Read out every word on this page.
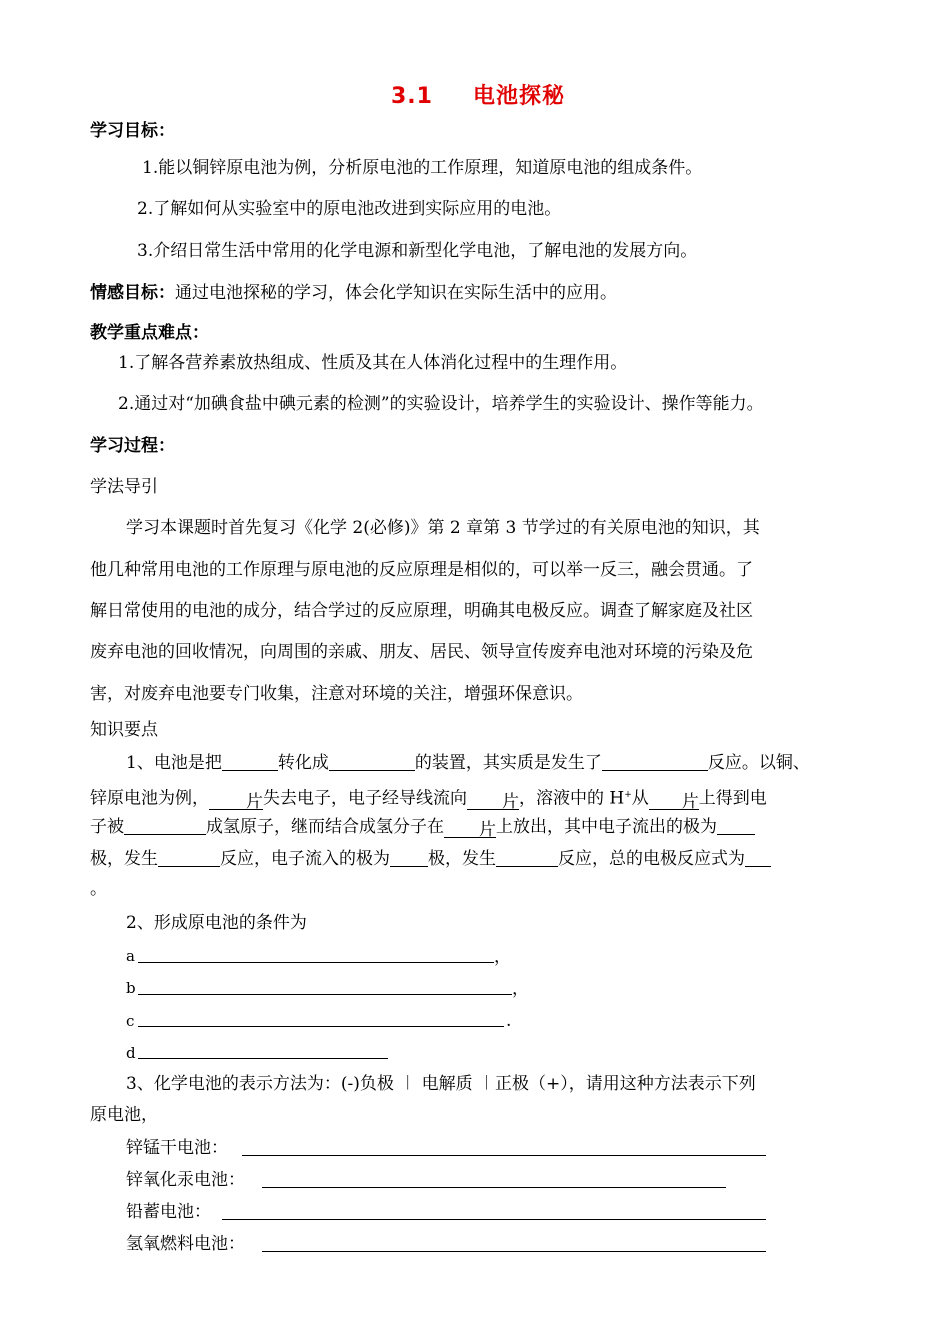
3.1 电池探秘
学习目标：
1.能以铜锌原电池为例，分析原电池的工作原理，知道原电池的组成条件。
2.了解如何从实验室中的原电池改进到实际应用的电池。
3.介绍日常生活中常用的化学电源和新型化学电池，了解电池的发展方向。
情感目标：通过电池探秘的学习，体会化学知识在实际生活中的应用。
教学重点难点：
1.了解各营养素放热组成、性质及其在人体消化过程中的生理作用。
2.通过对“加碘食盐中碘元素的检测”的实验设计，培养学生的实验设计、操作等能力。
学习过程：
学法导引
学习本课题时首先复习《化学 2(必修)》第 2 章第 3 节学过的有关原电池的知识，其
他几种常用电池的工作原理与原电池的反应原理是相似的，可以举一反三，融会贯通。了
解日常使用的电池的成分，结合学过的反应原理，明确其电极反应。调查了解家庭及社区
废弃电池的回收情况，向周围的亲戚、朋友、居民、领导宣传废弃电池对环境的污染及危
害，对废弃电池要专门收集，注意对环境的关注，增强环保意识。
知识要点
1、电池是把	转化成	的装置，其实质是发生了	反应。以铜、
锌原电池为例， 片失去电子，电子经导线流向 片，溶液中的 H+从 片上得到电
子被	成氢原子，继而结合成氢分子在 片上放出，其中电子流出的极为
极，发生	反应，电子流入的极为 极，发生	反应，总的电极反应式为
。
2、形成原电池的条件为
a	，
b	，
c	.
d
3、化学电池的表示方法为：(-)负极 ︱ 电解质 ︱正极（+），请用这种方法表示下列
原电池，
锌锰干电池：
锌氧化汞电池：
铅蓄电池：
氢氧燃料电池：
